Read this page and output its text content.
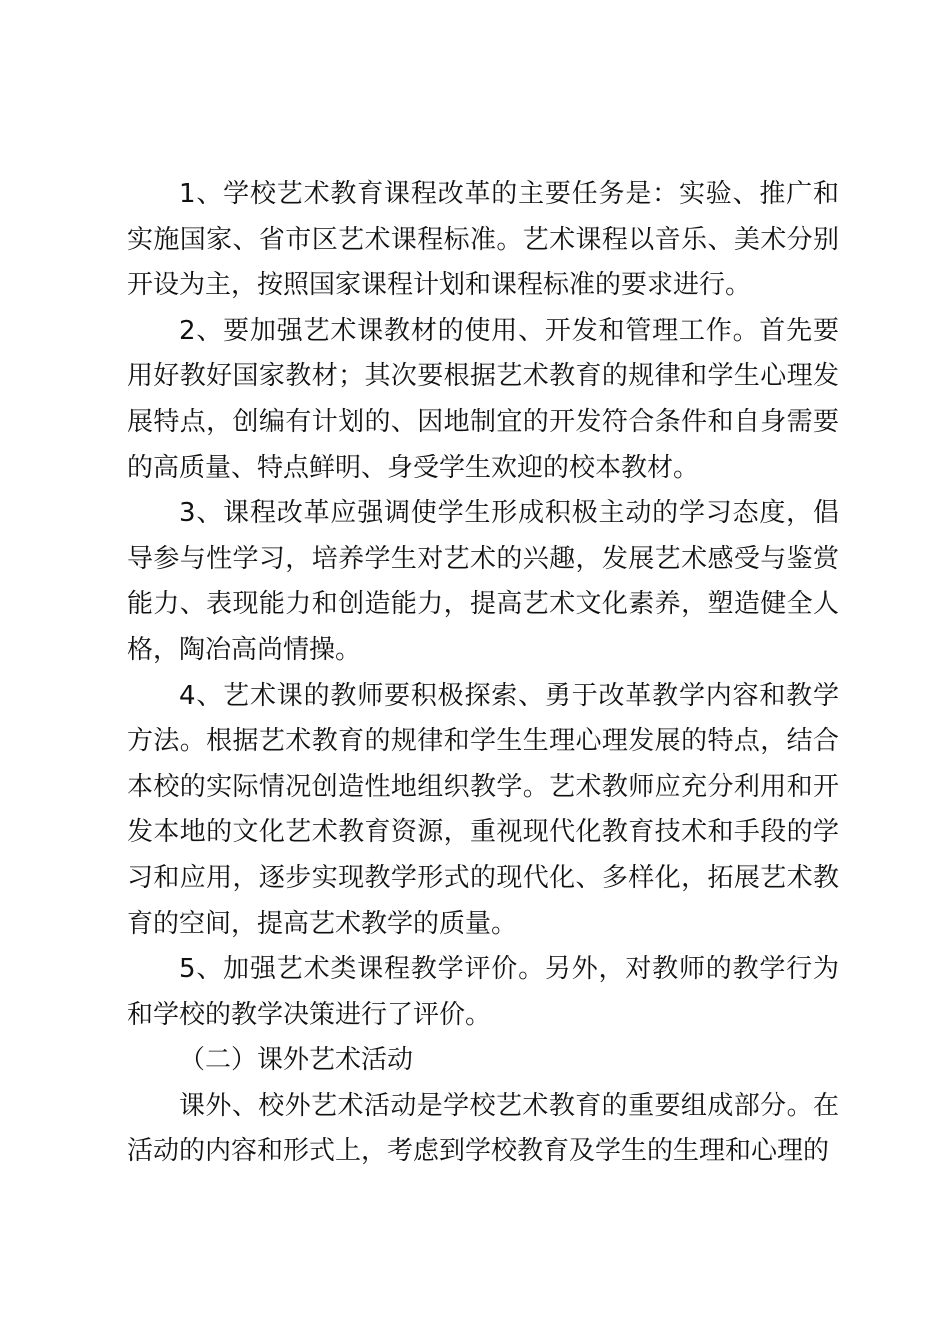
1、学校艺术教育课程改革的主要任务是：实验、推广和实施国家、省市区艺术课程标准。艺术课程以音乐、美术分别开设为主，按照国家课程计划和课程标准的要求进行。

2、要加强艺术课教材的使用、开发和管理工作。首先要用好教好国家教材；其次要根据艺术教育的规律和学生心理发展特点，创编有计划的、因地制宜的开发符合条件和自身需要的高质量、特点鲜明、身受学生欢迎的校本教材。

3、课程改革应强调使学生形成积极主动的学习态度，倡导参与性学习，培养学生对艺术的兴趣，发展艺术感受与鉴赏能力、表现能力和创造能力，提高艺术文化素养，塑造健全人格，陶冶高尚情操。

4、艺术课的教师要积极探索、勇于改革教学内容和教学方法。根据艺术教育的规律和学生生理心理发展的特点，结合本校的实际情况创造性地组织教学。艺术教师应充分利用和开发本地的文化艺术教育资源，重视现代化教育技术和手段的学习和应用，逐步实现教学形式的现代化、多样化，拓展艺术教育的空间，提高艺术教学的质量。

5、加强艺术类课程教学评价。另外，对教师的教学行为和学校的教学决策进行了评价。

（二）课外艺术活动

课外、校外艺术活动是学校艺术教育的重要组成部分。在活动的内容和形式上，考虑到学校教育及学生的生理和心理的
